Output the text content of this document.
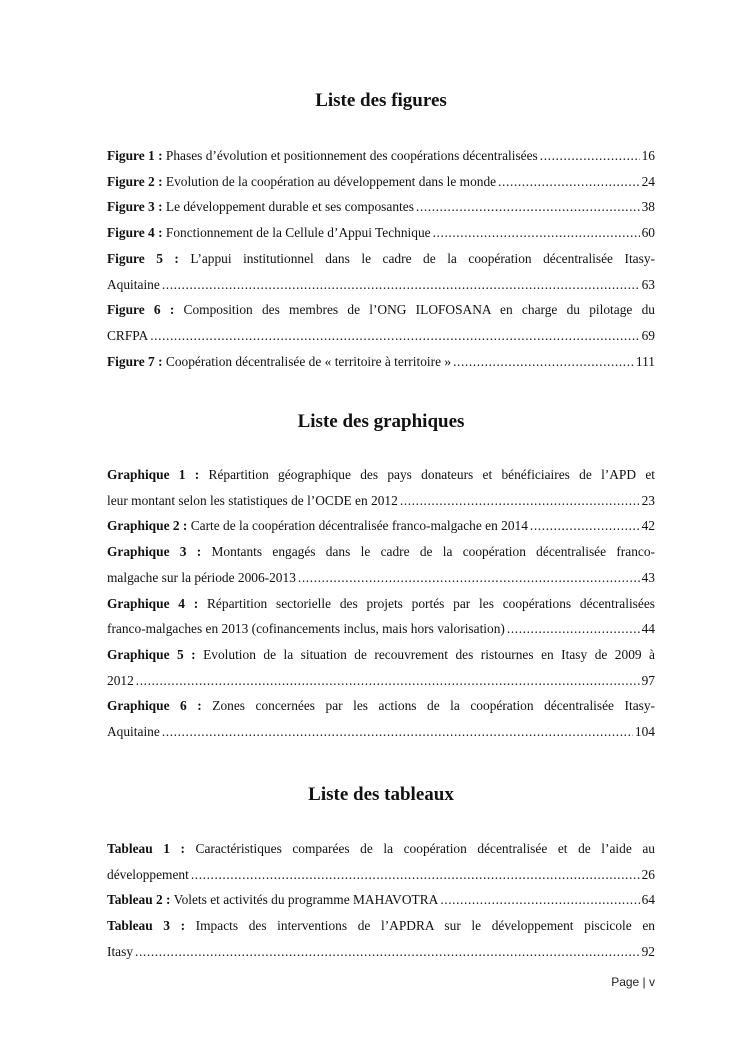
Liste des figures
Figure 1 : Phases d’évolution et positionnement des coopérations décentralisées .....	16
Figure 2 : Evolution de la coopération au développement dans le monde .....	24
Figure 3 : Le développement durable et ses composantes .....	38
Figure 4 : Fonctionnement de la Cellule d’Appui Technique .....	60
Figure 5 : L’appui institutionnel dans le cadre de la coopération décentralisée Itasy-
Aquitaine .....	63
Figure 6 : Composition des membres de l’ONG ILOFOSANA en charge du pilotage du
CRFPA .....	69
Figure 7 : Coopération décentralisée de « territoire à territoire » .....	111
Liste des graphiques
Graphique 1 : Répartition géographique des pays donateurs et bénéficiaires de l’APD et
leur montant selon les statistiques de l’OCDE en 2012 .....	23
Graphique 2 : Carte de la coopération décentralisée franco-malgache en 2014 .....	42
Graphique 3 : Montants engagés dans le cadre de la coopération décentralisée franco-
malgache sur la période 2006-2013 .....	43
Graphique 4 : Répartition sectorielle des projets portés par les coopérations décentralisées
franco-malgaches en 2013 (cofinancements inclus, mais hors valorisation) .....	44
Graphique 5 : Evolution de la situation de recouvrement des ristournes en Itasy de 2009 à
2012 .....	97
Graphique 6 : Zones concernées par les actions de la coopération décentralisée Itasy-
Aquitaine .....	104
Liste des tableaux
Tableau 1 : Caractéristiques comparées de la coopération décentralisée et de l’aide au
développement .....	26
Tableau 2 : Volets et activités du programme MAHAVOTRA .....	64
Tableau 3 : Impacts des interventions de l’APDRA sur le développement piscicole en
Itasy .....	92
Page | v
